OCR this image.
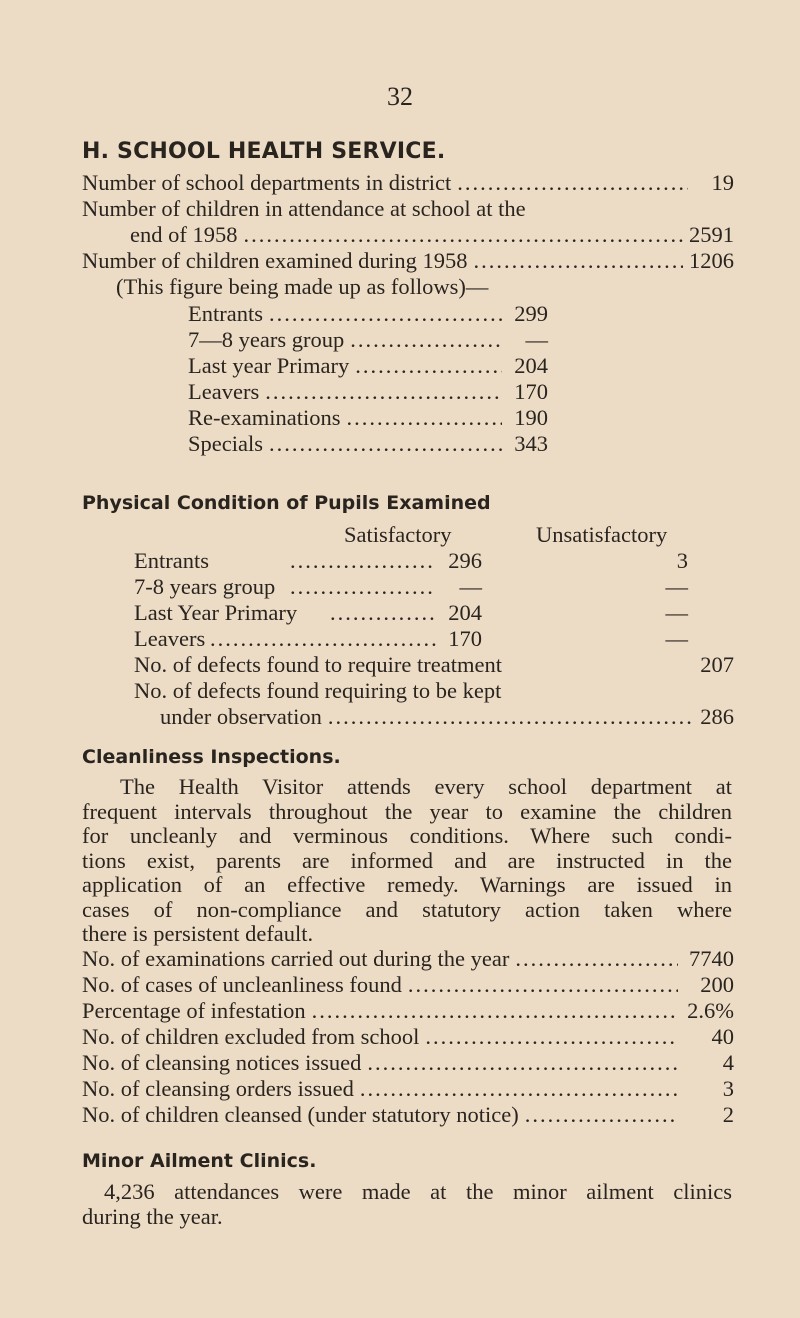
32
H. SCHOOL HEALTH SERVICE.
Number of school departments in district .....	19
Number of children in attendance at school at the
end of 1958 .....	2591
Number of children examined during 1958 .....	1206
(This figure being made up as follows)—
Entrants .....	299
7—8 years group .....	—
Last year Primary .....	204
Leavers .....	170
Re-examinations .....	190
Specials .....	343
Physical Condition of Pupils Examined
Satisfactory	Unsatisfactory
Entrants .....	296	3
7-8 years group .....	—	—
Last Year Primary .....	204	—
Leavers .....	170	—
No. of defects found to require treatment	207
No. of defects found requiring to be kept
under observation .....	286
Cleanliness Inspections.
The Health Visitor attends every school department at
frequent intervals throughout the year to examine the children
for uncleanly and verminous conditions. Where such condi-
tions exist, parents are informed and are instructed in the
application of an effective remedy. Warnings are issued in
cases of non-compliance and statutory action taken where
there is persistent default.
No. of examinations carried out during the year .....	7740
No. of cases of uncleanliness found .....	200
Percentage of infestation .....	2.6%
No. of children excluded from school .....	40
No. of cleansing notices issued .....	4
No. of cleansing orders issued .....	3
No. of children cleansed (under statutory notice) .....	2
Minor Ailment Clinics.
4,236 attendances were made at the minor ailment clinics
during the year.
